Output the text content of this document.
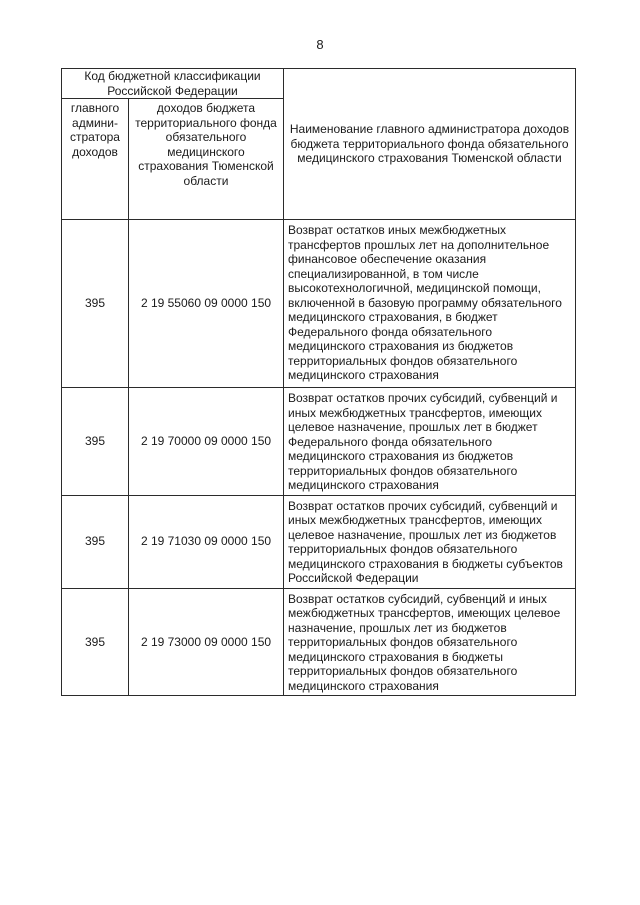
8
Код бюджетной классификации Российской Федерации		Наименование главного администратора доходов бюджета территориального фонда обязательного медицинского страхования Тюменской области
главного админи-стратора доходов	доходов бюджета территориального фонда обязательного медицинского страхования Тюменской области	
395	2 19 55060 09 0000 150	Возврат остатков иных межбюджетных трансфертов прошлых лет на дополнительное финансовое обеспечение оказания специализированной, в том числе высокотехнологичной, медицинской помощи, включенной в базовую программу обязательного медицинского страхования, в бюджет Федерального фонда обязательного медицинского страхования из бюджетов территориальных фондов обязательного медицинского страхования
395	2 19 70000 09 0000 150	Возврат остатков прочих субсидий, субвенций и иных межбюджетных трансфертов, имеющих целевое назначение, прошлых лет в бюджет Федерального фонда обязательного медицинского страхования из бюджетов территориальных фондов обязательного медицинского страхования
395	2 19 71030 09 0000 150	Возврат остатков прочих субсидий, субвенций и иных межбюджетных трансфертов, имеющих целевое назначение, прошлых лет из бюджетов территориальных фондов обязательного медицинского страхования в бюджеты субъектов Российской Федерации
395	2 19 73000 09 0000 150	Возврат остатков субсидий, субвенций и иных межбюджетных трансфертов, имеющих целевое назначение, прошлых лет из бюджетов территориальных фондов обязательного медицинского страхования в бюджеты территориальных фондов обязательного медицинского страхования
